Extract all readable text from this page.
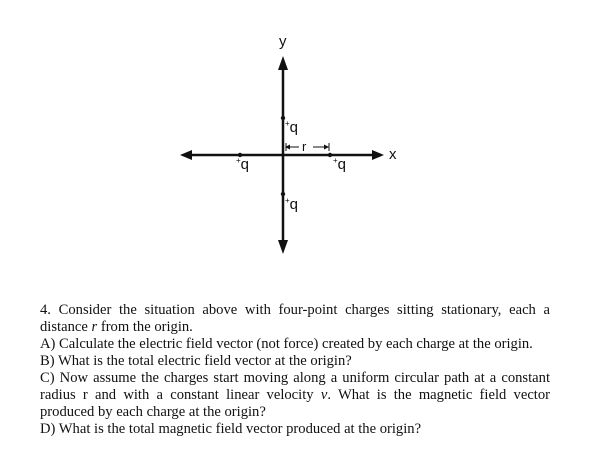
y
x
+q	+q
+q
+q
r

4. Consider the situation above with four-point charges sitting stationary, each a distance r from the origin.

A) Calculate the electric field vector (not force) created by each charge at the origin.

B) What is the total electric field vector at the origin?

C) Now assume the charges start moving along a uniform circular path at a constant radius r and with a constant linear velocity v. What is the magnetic field vector produced by each charge at the origin?

D) What is the total magnetic field vector produced at the origin?
